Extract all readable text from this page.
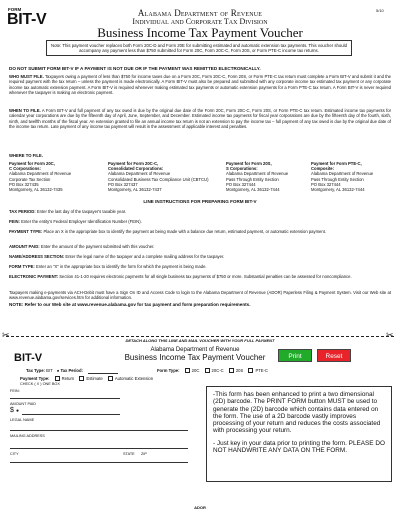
FORM
BIT-V
5/10
Alabama Department of Revenue
Individual and Corporate Tax Division
Business Income Tax Payment Voucher
Note: This payment voucher replaces both Form 20C-D and Form 20E for submitting estimated and automatic extension tax payments. This voucher should accompany any payment less than $750 submitted for Form 20C, Form 20C-C, Form 20S, or Form PTE-C income tax returns.
DO NOT SUBMIT FORM BIT-V IF A PAYMENT IS NOT DUE OR IF THE PAYMENT WAS REMITTED ELECTRONICALLY.
WHO MUST FILE. Taxpayers owing a payment of less than $750 for income taxes due on a Form 20C, Form 20C-C, Form 20S, or Form PTE-C tax return must complete a Form BIT-V and submit it and the required payment with the tax return – unless the payment is made electronically. A Form BIT-V must also be prepared and submitted with any corporate income tax estimated tax payment or any corporate income tax automatic extension payment. A Form BIT-V is required whenever making estimated tax payments or automatic extension payments for a Form PTE-C tax return. A Form BIT-V is never required whenever the taxpayer is making an electronic payment.
WHEN TO FILE. A Form BIT-V and full payment of any tax owed is due by the original due date of the Form 20C, Form 20C-C, Form 20S, or Form PTE-C tax return. Estimated income tax payments for calendar year corporations are due by the fifteenth day of April, June, September, and December. Estimated income tax payments for fiscal year corporations are due by the fifteenth day of the fourth, sixth, ninth, and twelfth months of the fiscal year. An extension granted to file an annual income tax return is not an extension to pay the income tax – full payment of any tax owed is due by the original due date of the income tax return. Late payment of any income tax payment will result in the assessment of applicable interest and penalties.
WHERE TO FILE.
Payment for Form 20C,
C Corporations:
Alabama Department of Revenue
Corporate Tax Section
PO Box 327435
Montgomery, AL 36132-7435
Payment for Form 20C-C,
Consolidated Corporations:
Alabama Department of Revenue
Consolidated Business Tax Compliance Unit (CBTCU)
PO Box 327437
Montgomery, AL 36132-7437
Payment for Form 20S,
S Corporations:
Alabama Department of Revenue
Pass Through Entity Section
PO Box 327444
Montgomery, AL 36132-7444
Payment for Form PTE-C,
Composite:
Alabama Department of Revenue
Pass Through Entity Section
PO Box 327444
Montgomery, AL 36132-7444
LINE INSTRUCTIONS FOR PREPARING FORM BIT-V
TAX PERIOD: Enter the last day of the taxpayer's taxable year.
FEIN: Enter the entity's Federal Employer Identification Number (FEIN).
PAYMENT TYPE: Place an X in the appropriate box to identify the payment as being made with a balance due return, estimated payment, or automatic extension payment.
AMOUNT PAID: Enter the amount of the payment submitted with this voucher.
NAME/ADDRESS SECTION: Enter the legal name of the taxpayer and a complete mailing address for the taxpayer.
FORM TYPE: Enter an "X" in the appropriate box to identify the form for which the payment is being made.
ELECTRONIC PAYMENT: Section 41-1-20 requires electronic payments for all single business tax payments of $750 or more. Substantial penalties can be assessed for noncompliance.
Taxpayers making e-payments via ACH-Debit must have a Sign On ID and Access Code to login to the Alabama Department of Revenue (ADOR) Paperless Filing & Payment System. Visit our Web site at www.revenue.alabama.gov/services.htm for additional information.
NOTE: Refer to our Web site at www.revenue.alabama.gov for tax payment and form preparation requirements.
✂	✂
DETACH ALONG THIS LINE AND MAIL VOUCHER WITH YOUR FULL PAYMENT
BIT-V
Alabama Department of Revenue
Business Income Tax Payment Voucher	Print	Reset
Tax Type: BIT ● Tax Period:	Form Type:	20C	20C-C	20S	PTE-C
Payment Type:	Return	Estimate	Automatic Extension
CHECK ( X ) ONE BOX
FEIN:
AMOUNT PAID
$ ●
LEGAL NAME
MAILING ADDRESS
CITY	STATE ZIP
-This form has been enhanced to print a two dimensional (2D) barcode. The PRINT FORM button MUST be used to generate the (2D) barcode which contains data entered on the form. The use of a 2D barcode vastly improves processing of your return and reduces the costs associated with processing your return.
- Just key in your data prior to printing the form. PLEASE DO NOT HANDWRITE ANY DATA ON THE FORM.
ADOR
